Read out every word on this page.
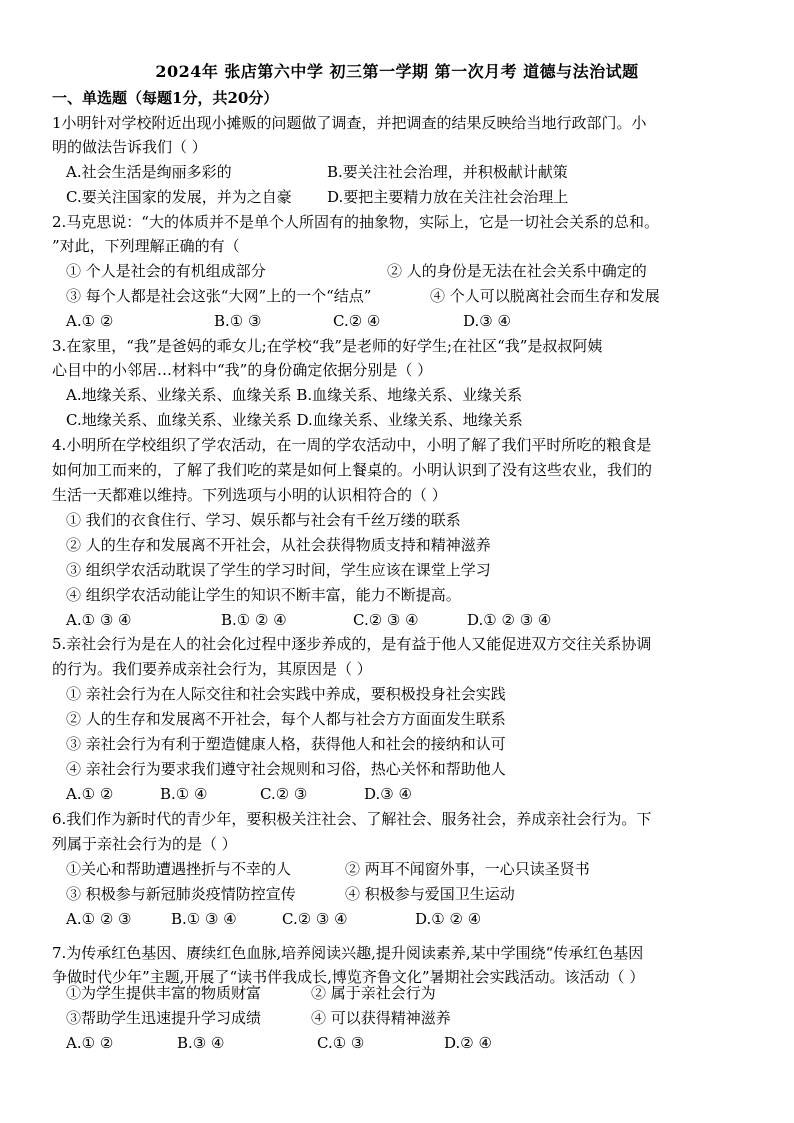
2024年 张店第六中学 初三第一学期 第一次月考 道德与法治试题
一、单选题（每题1分，共20分）
1小明针对学校附近出现小摊贩的问题做了调查，并把调查的结果反映给当地行政部门。小
明的做法告诉我们（ ）
A.社会生活是绚丽多彩的	B.要关注社会治理，并积极献计献策
C.要关注国家的发展，并为之自豪 D.要把主要精力放在关注社会治理上
2.马克思说：“大的体质并不是单个人所固有的抽象物，实际上，它是一切社会关系的总和。
”对此，下列理解正确的有（
① 个人是社会的有机组成部分	② 人的身份是无法在社会关系中确定的
③ 每个人都是社会这张“大网”上的一个“结点”	④ 个人可以脱离社会而生存和发展
A.① ②	B.① ③	C.② ④	D.③ ④
3.在家里，“我”是爸妈的乖女儿;在学校“我”是老师的好学生;在社区“我”是叔叔阿姨
心目中的小邻居…材料中“我”的身份确定依据分别是（ ）
A.地缘关系、业缘关系、血缘关系 B.血缘关系、地缘关系、业缘关系
C.地缘关系、血缘关系、业缘关系 D.血缘关系、业缘关系、地缘关系
4.小明所在学校组织了学农活动，在一周的学农活动中，小明了解了我们平时所吃的粮食是
如何加工而来的，了解了我们吃的菜是如何上餐桌的。小明认识到了没有这些农业，我们的
生活一天都难以维持。下列选项与小明的认识相符合的（ ）
① 我们的衣食住行、学习、娱乐都与社会有千丝万缕的联系
② 人的生存和发展离不开社会，从社会获得物质支持和精神滋养
③ 组织学农活动耽误了学生的学习时间，学生应该在课堂上学习
④ 组织学农活动能让学生的知识不断丰富，能力不断提高。
A.① ③ ④	B.① ② ④	C.② ③ ④	D.① ② ③ ④
5.亲社会行为是在人的社会化过程中逐步养成的，是有益于他人又能促进双方交往关系协调
的行为。我们要养成亲社会行为，其原因是（ ）
① 亲社会行为在人际交往和社会实践中养成，要积极投身社会实践
② 人的生存和发展离不开社会，每个人都与社会方方面面发生联系
③ 亲社会行为有利于塑造健康人格，获得他人和社会的接纳和认可
④ 亲社会行为要求我们遵守社会规则和习俗，热心关怀和帮助他人
A.① ②	B.① ④	C.② ③	D.③ ④
6.我们作为新时代的青少年，要积极关注社会、了解社会、服务社会，养成亲社会行为。下
列属于亲社会行为的是（ ）
①关心和帮助遭遇挫折与不幸的人	② 两耳不闻窗外事，一心只读圣贤书
③ 积极参与新冠肺炎疫情防控宣传	④ 积极参与爱国卫生运动
A.① ② ③	B.① ③ ④	C.② ③ ④	D.① ② ④
7.为传承红色基因、赓续红色血脉,培养阅读兴趣,提升阅读素养,某中学围绕“传承红色基因
争做时代少年”主题,开展了“读书伴我成长,博览齐鲁文化”暑期社会实践活动。该活动（ ）
①为学生提供丰富的物质财富	② 属于亲社会行为
③帮助学生迅速提升学习成绩	④ 可以获得精神滋养
A.① ②	B.③ ④	C.① ③	D.② ④
